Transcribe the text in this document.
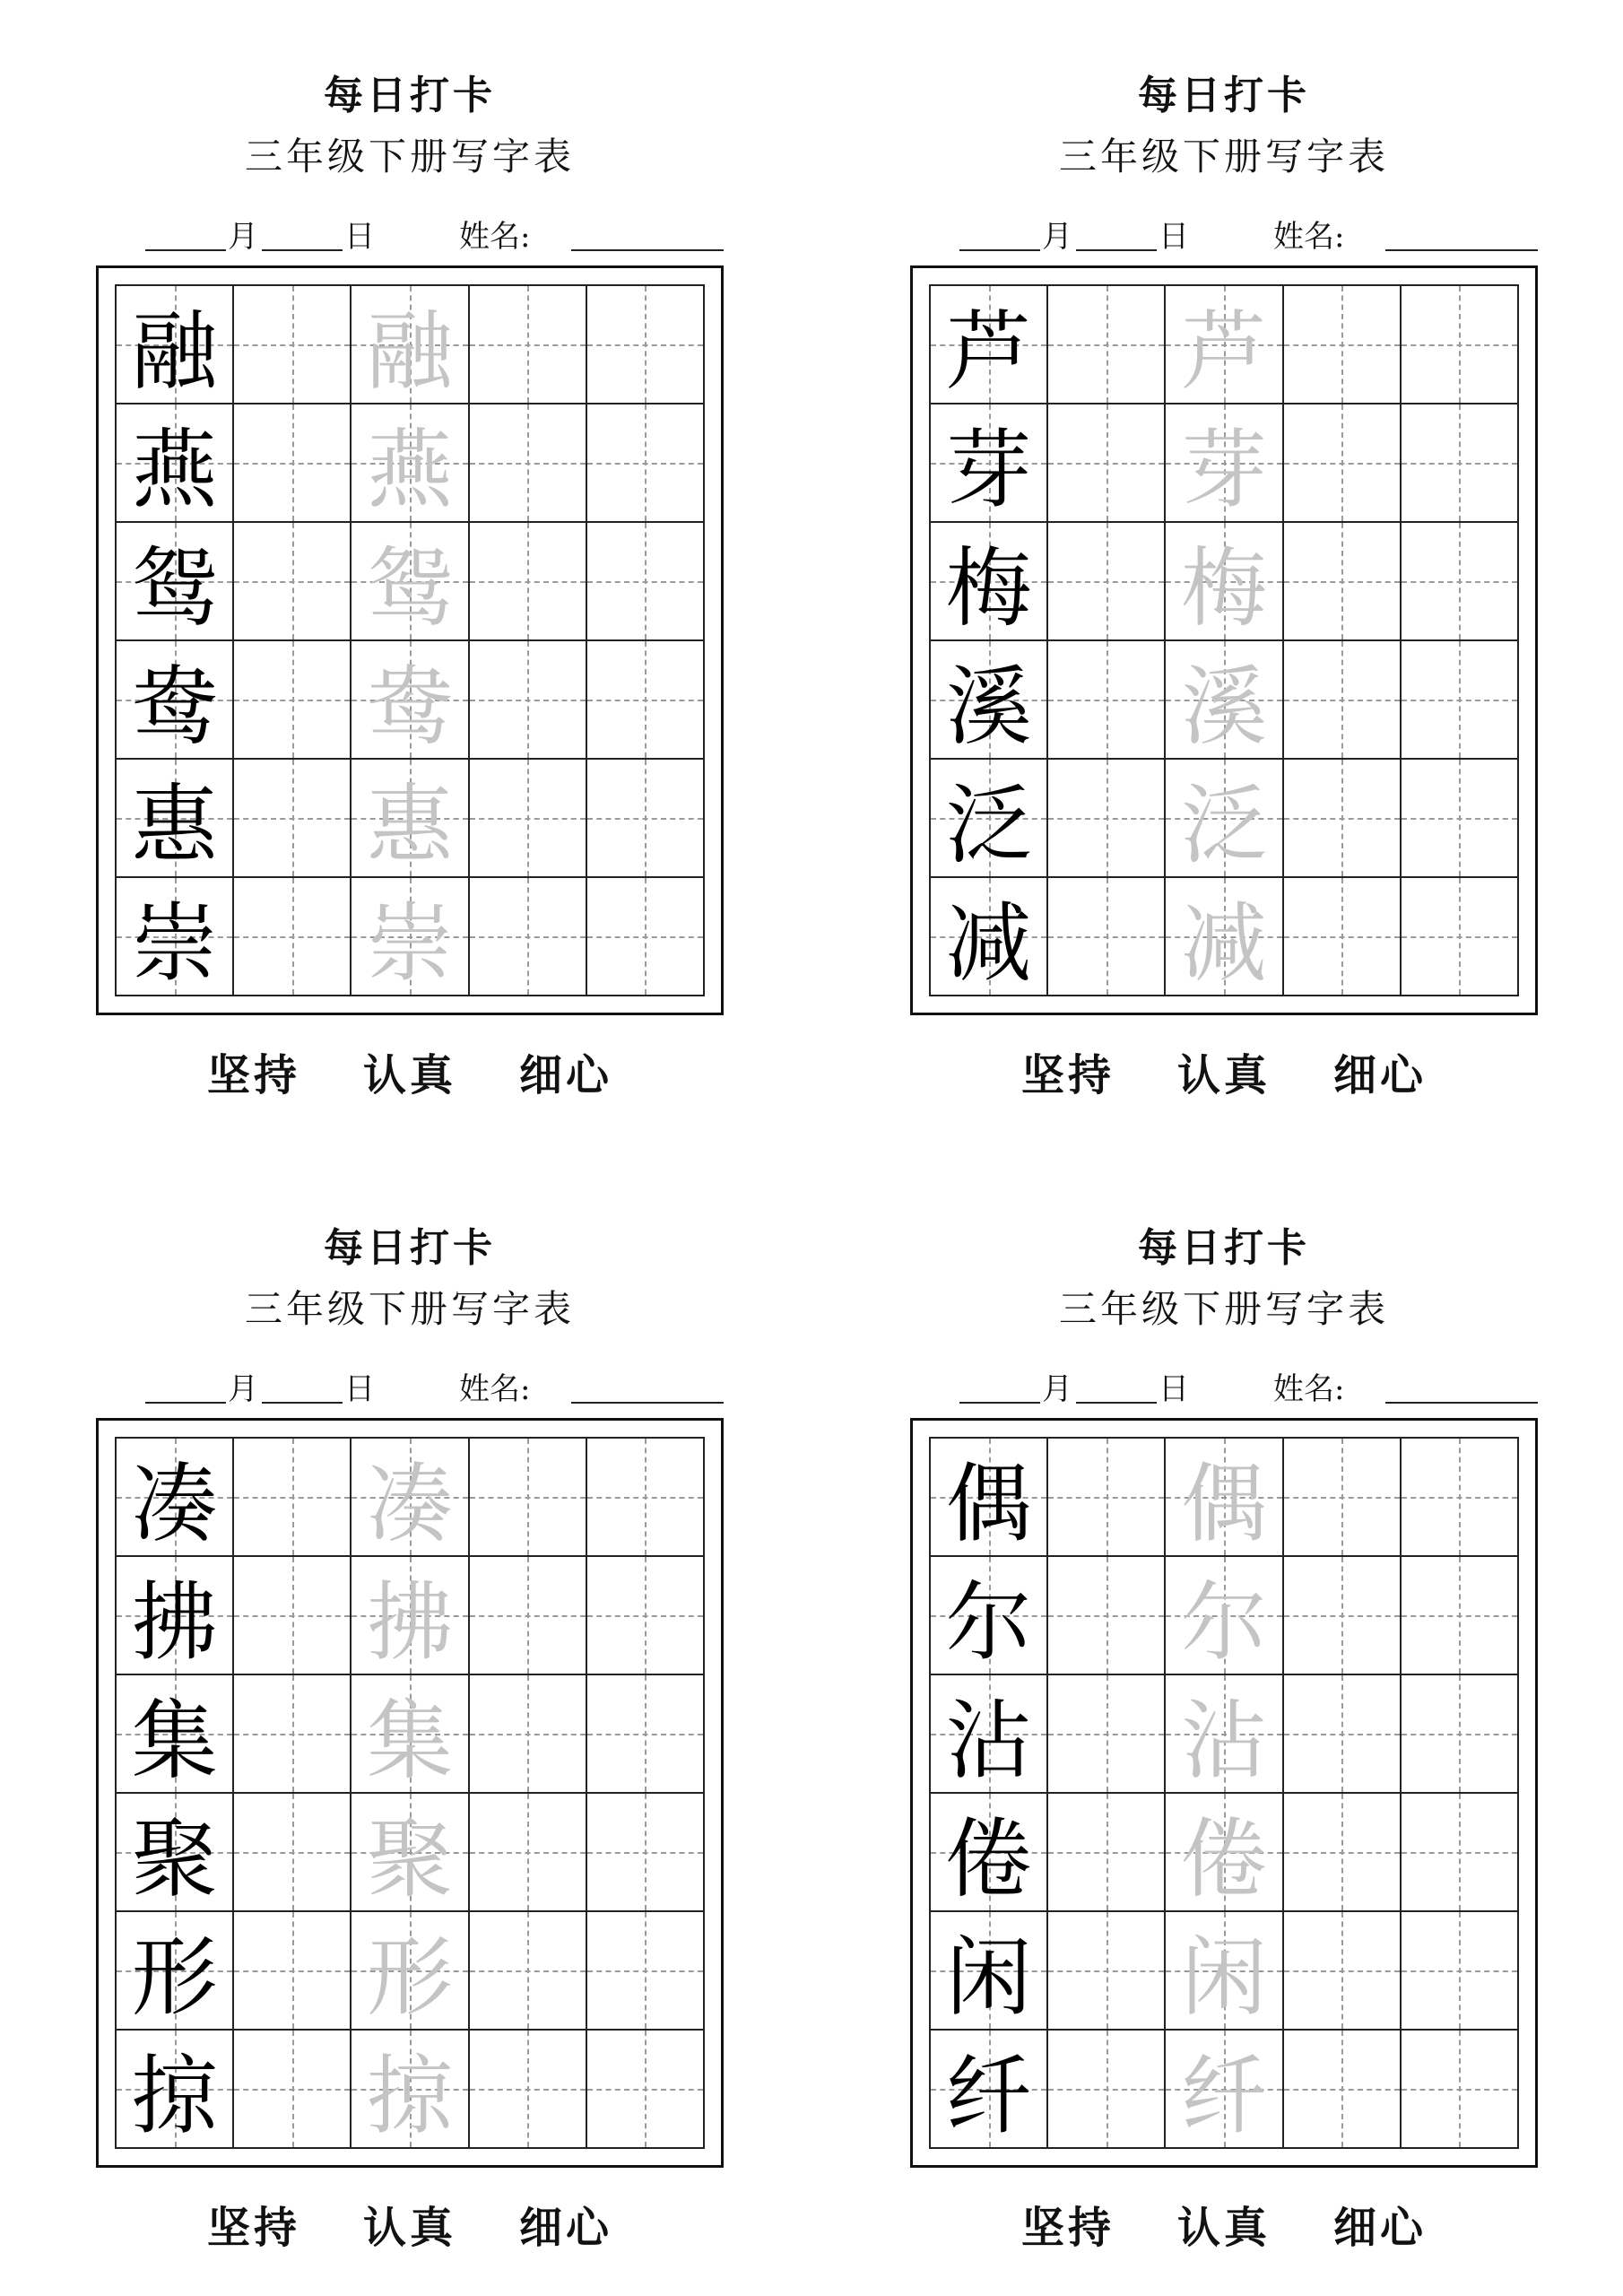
每日打卡
三年级下册写字表
月	日	姓名:
融 融
燕 燕
鸳 鸳
鸯 鸯
惠 惠
崇 崇
坚持 认真 细心
每日打卡
三年级下册写字表
月	日	姓名:
芦 芦
芽 芽
梅 梅
溪 溪
泛 泛
减 减
坚持 认真 细心
每日打卡
三年级下册写字表
月	日	姓名:
凑 凑
拂 拂
集 集
聚 聚
形 形
掠 掠
坚持 认真 细心
每日打卡
三年级下册写字表
月	日	姓名:
偶 偶
尔 尔
沾 沾
倦 倦
闲 闲
纤 纤
坚持 认真 细心
